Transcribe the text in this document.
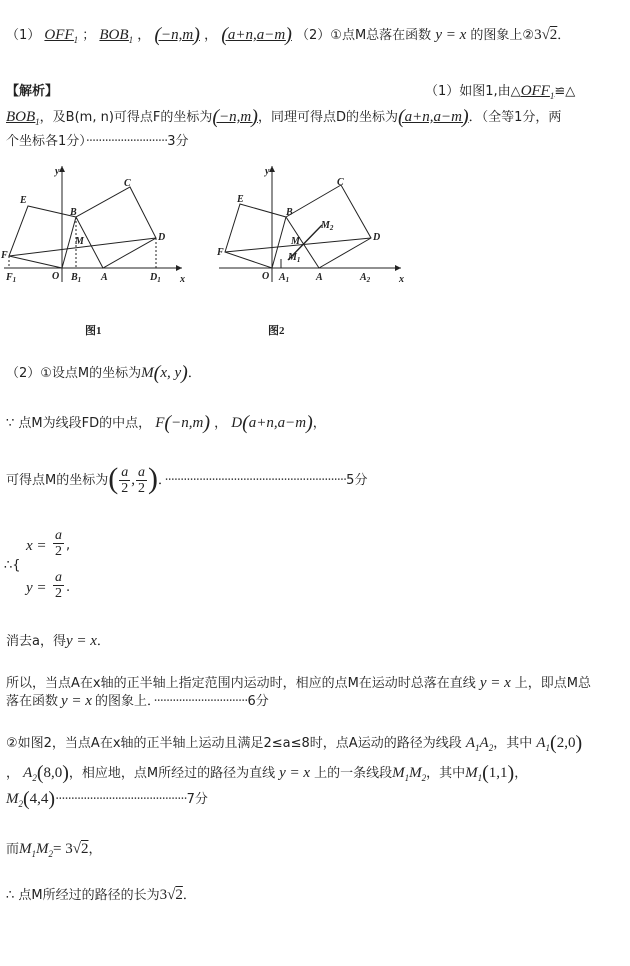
（1） $OFF_1$ ； $BOB_1$ ， (−n,m) ， (a+n,a−m) （2）①点M总落在函数 y = x 的图象上②3√2．
【解析】	（1）如图1,由$\triangle OFF_1≌\triangle$
$BOB_1$，及B(m, n)可得点F的坐标为(−n,m)，同理可得点D的坐标为(a+n,a−m)．（全等1分，两
个坐标各1分）··························3分
y
x
E
B
C
M	D
F
$F_1$	O $B_1$ A	$D_1$
图1
y
x
E
B
C
$M_2$
M
$M_1$
D
F
O $A_1$	A	$A_2$
图2
（2）①设点M的坐标为M(x, y)．
∵ 点M为线段FD的中点， F(−n,m) ， D(a+n,a−m)，
可得点M的坐标为( $\frac{a}{2}$ , $\frac{a}{2}$ )．··························································5分
∴{
$x = \frac{a}{2}$ ,
$y = \frac{a}{2}$ .
消去a，得y = x．
所以，当点A在x轴的正半轴上指定范围内运动时，相应的点M在运动时总落在直线 y = x 上，即点M总
落在函数 y = x 的图象上．······························6分
②如图2，当点A在x轴的正半轴上运动且满足2≤a≤8时，点A运动的路径为线段 $A_1A_2$，其中 $A_1(2,0)$
， $A_2(8,0)$，相应地，点M所经过的路径为直线 y = x 上的一条线段$M_1M_2$，其中$M_1(1,1)$，
$M_2(4,4)\cdot\cdot\cdot\cdot\cdot\cdot\cdot\cdot\cdot\cdot\cdot\cdot\cdot\cdot\cdot\cdot\cdot\cdot\cdot\cdot\cdot\cdot\cdot\cdot\cdot\cdot\cdot\cdot\cdot\cdot\cdot\cdot\cdot\cdot\cdot\cdot\cdot\cdot\cdot\cdot\cdot\cdot 7$分
而$M_1M_2= 3√2$，
∴ 点M所经过的路径的长为3√2．
